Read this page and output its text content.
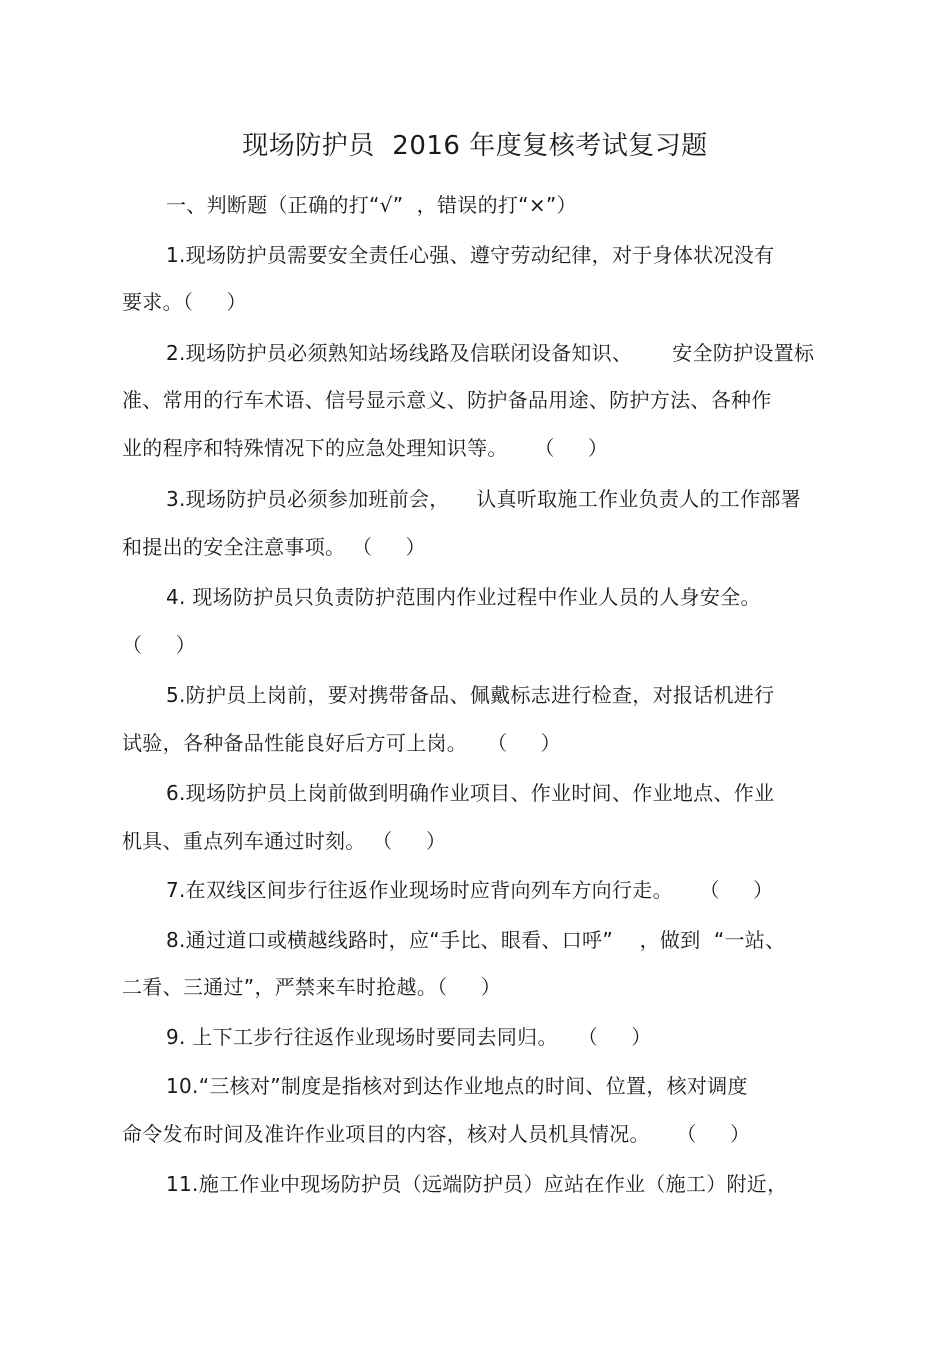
现场防护员  2016 年度复核考试复习题
一、判断题（正确的打“√”  ，错误的打“×”）
1.现场防护员需要安全责任心强、遵守劳动纪律，对于身体状况没有
要求。（     ）
2.现场防护员必须熟知站场线路及信联闭设备知识、      安全防护设置标
准、常用的行车术语、信号显示意义、防护备品用途、防护方法、各种作
业的程序和特殊情况下的应急处理知识等。    （     ）
3.现场防护员必须参加班前会，    认真听取施工作业负责人的工作部署
和提出的安全注意事项。 （     ）
4. 现场防护员只负责防护范围内作业过程中作业人员的人身安全。
（     ）
5.防护员上岗前，要对携带备品、佩戴标志进行检查，对报话机进行
试验，各种备品性能良好后方可上岗。   （     ）
6.现场防护员上岗前做到明确作业项目、作业时间、作业地点、作业
机具、重点列车通过时刻。 （     ）
7.在双线区间步行往返作业现场时应背向列车方向行走。    （     ）
8.通过道口或横越线路时，应“手比、眼看、口呼”    ，做到  “一站、
二看、三通过”，严禁来车时抢越。（     ）
9. 上下工步行往返作业现场时要同去同归。   （     ）
10.“三核对”制度是指核对到达作业地点的时间、位置，核对调度
命令发布时间及准许作业项目的内容，核对人员机具情况。    （     ）
11.施工作业中现场防护员（远端防护员）应站在作业（施工）附近，
